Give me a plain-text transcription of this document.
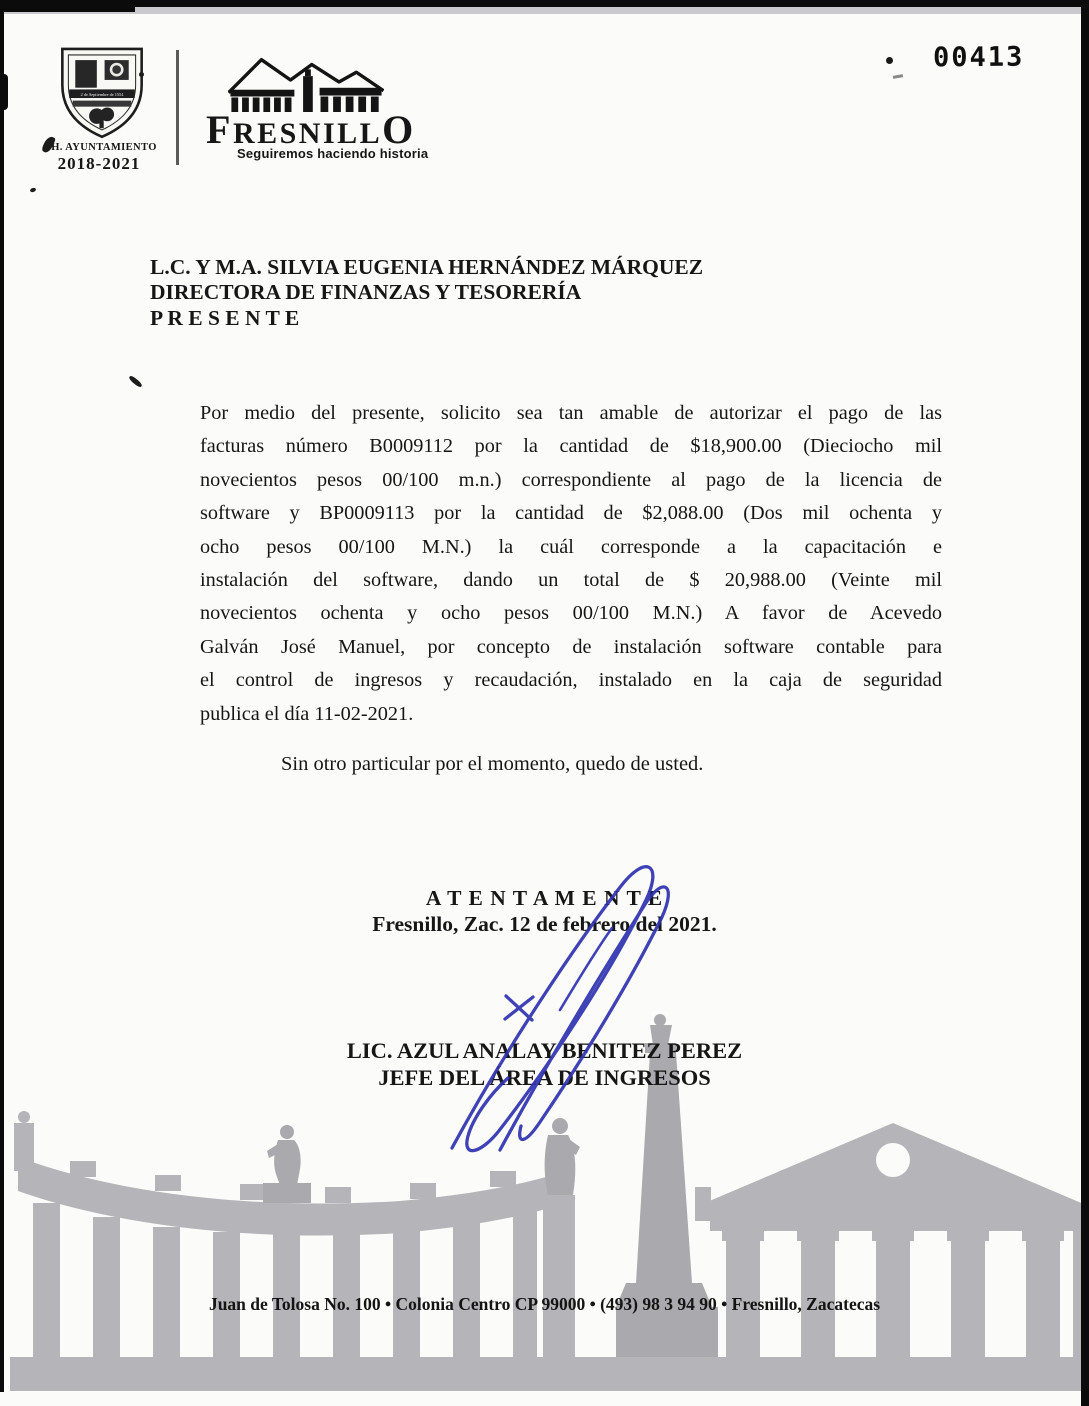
2 de Septiembre de 1554
H. AYUNTAMIENTO
2018-2021
FRESNILLO
Seguiremos haciendo historia
00413
L.C. Y M.A. SILVIA EUGENIA HERNÁNDEZ MÁRQUEZ
DIRECTORA DE FINANZAS Y TESORERÍA
P R E S E N T E
Por medio del presente, solicito sea tan amable de autorizar el pago de las
facturas número B0009112 por la cantidad de $18,900.00 (Dieciocho mil
novecientos pesos 00/100 m.n.) correspondiente al pago de la licencia de
software y BP0009113 por la cantidad de $2,088.00 (Dos mil ochenta y
ocho pesos 00/100 M.N.) la cuál corresponde a la capacitación e
instalación del software, dando un total de $ 20,988.00 (Veinte mil
novecientos ochenta y ocho pesos 00/100 M.N.) A favor de Acevedo
Galván José Manuel, por concepto de instalación software contable para
el control de ingresos y recaudación, instalado en la caja de seguridad
publica el día 11-02-2021.
Sin otro particular por el momento, quedo de usted.
A T E N T A M E N T E
Fresnillo, Zac. 12 de febrero del 2021.
LIC. AZUL ANALAY BENITEZ PEREZ
JEFE DEL ÁREA DE INGRESOS
Juan de Tolosa No. 100 • Colonia Centro CP 99000 • (493) 98 3 94 90 • Fresnillo, Zacatecas
